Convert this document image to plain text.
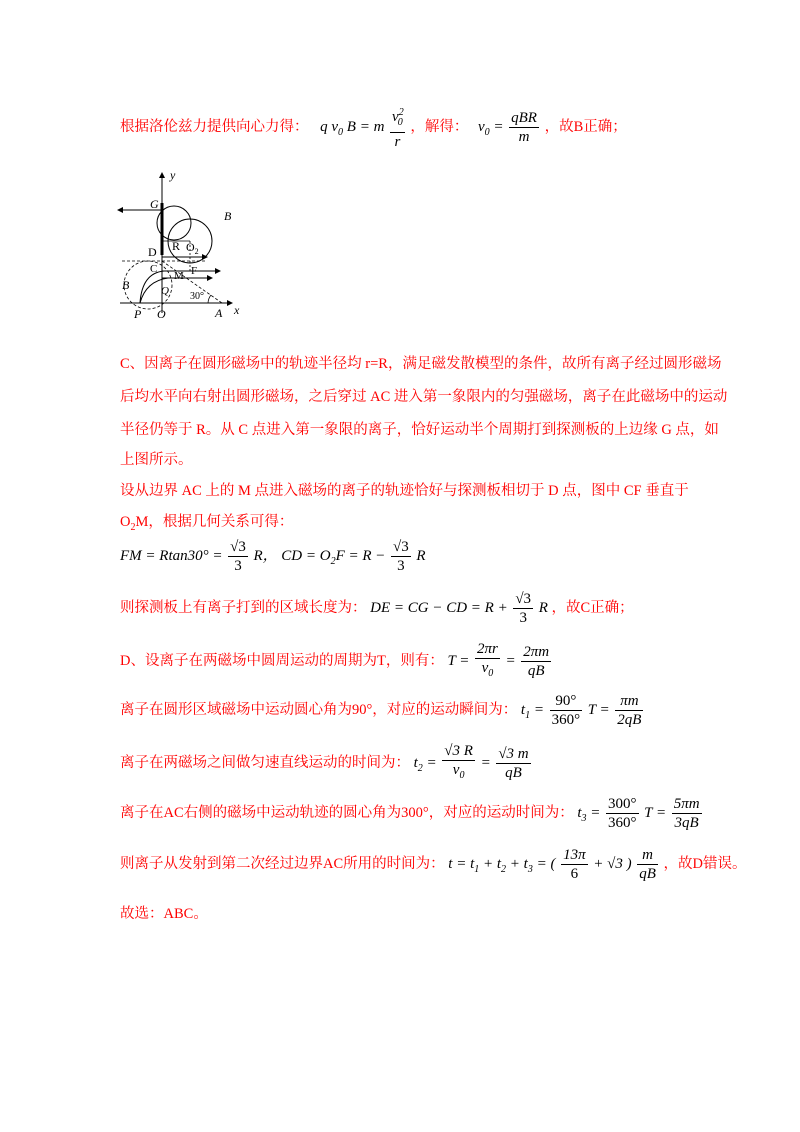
根据洛伦兹力提供向心力得： q $v_0$ B = m $\frac{v^2_0}{r}$ ，解得： $v_0 = \frac{\text{qBR}}{m}$ ，故B正确；
y
G
B
D R $O_2$
C
M F
B	Q 30°
P O	A x
C、因离子在圆形磁场中的轨迹半径均 r=R，满足磁发散模型的条件，故所有离子经过圆形磁场
后均水平向右射出圆形磁场，之后穿过 AC 进入第一象限内的匀强磁场，离子在此磁场中的运动
半径仍等于 R。从 C 点进入第一象限的离子，恰好运动半个周期打到探测板的上边缘 G 点，如
上图所示。
设从边界 AC 上的 M 点进入磁场的离子的轨迹恰好与探测板相切于 D 点，图中 CF 垂直于
$O_2M$，根据几何关系可得：
FM = $Rtan30^\circ = \frac{√3}{3}$ R， CD = $O_2F = R - \frac{√3}{3}$ R
则探测板上有离子打到的区域长度为： DE = CG − CD = $R + \frac{√3}{3}$ R ，故C正确；
D、设离子在两磁场中圆周运动的周期为T，则有： $T = \frac{2\pi r}{v_0} = \frac{2\pi m}{qB}$
离子在圆形区域磁场中运动圆心角为90°，对应的运动瞬间为： $t_1 = \frac{90^\circ}{360^\circ}$ $T = \frac{\pi m}{2qB}$
离子在两磁场之间做匀速直线运动的时间为： $t_2 = \frac{√3 R}{v_0} = \frac{√3 m}{qB}$
离子在AC右侧的磁场中运动轨迹的圆心角为300°，对应的运动时间为： $t_3 = \frac{300^\circ}{360^\circ}$ $T = \frac{5\pi m}{3qB}$
则离子从发射到第二次经过边界AC所用的时间为： $t = t_1 + t_2 + t_3$ = ( $\frac{13\pi}{6} + √3$ ) $\frac{m}{qB}$ ，故D错误。
故选：ABC。
